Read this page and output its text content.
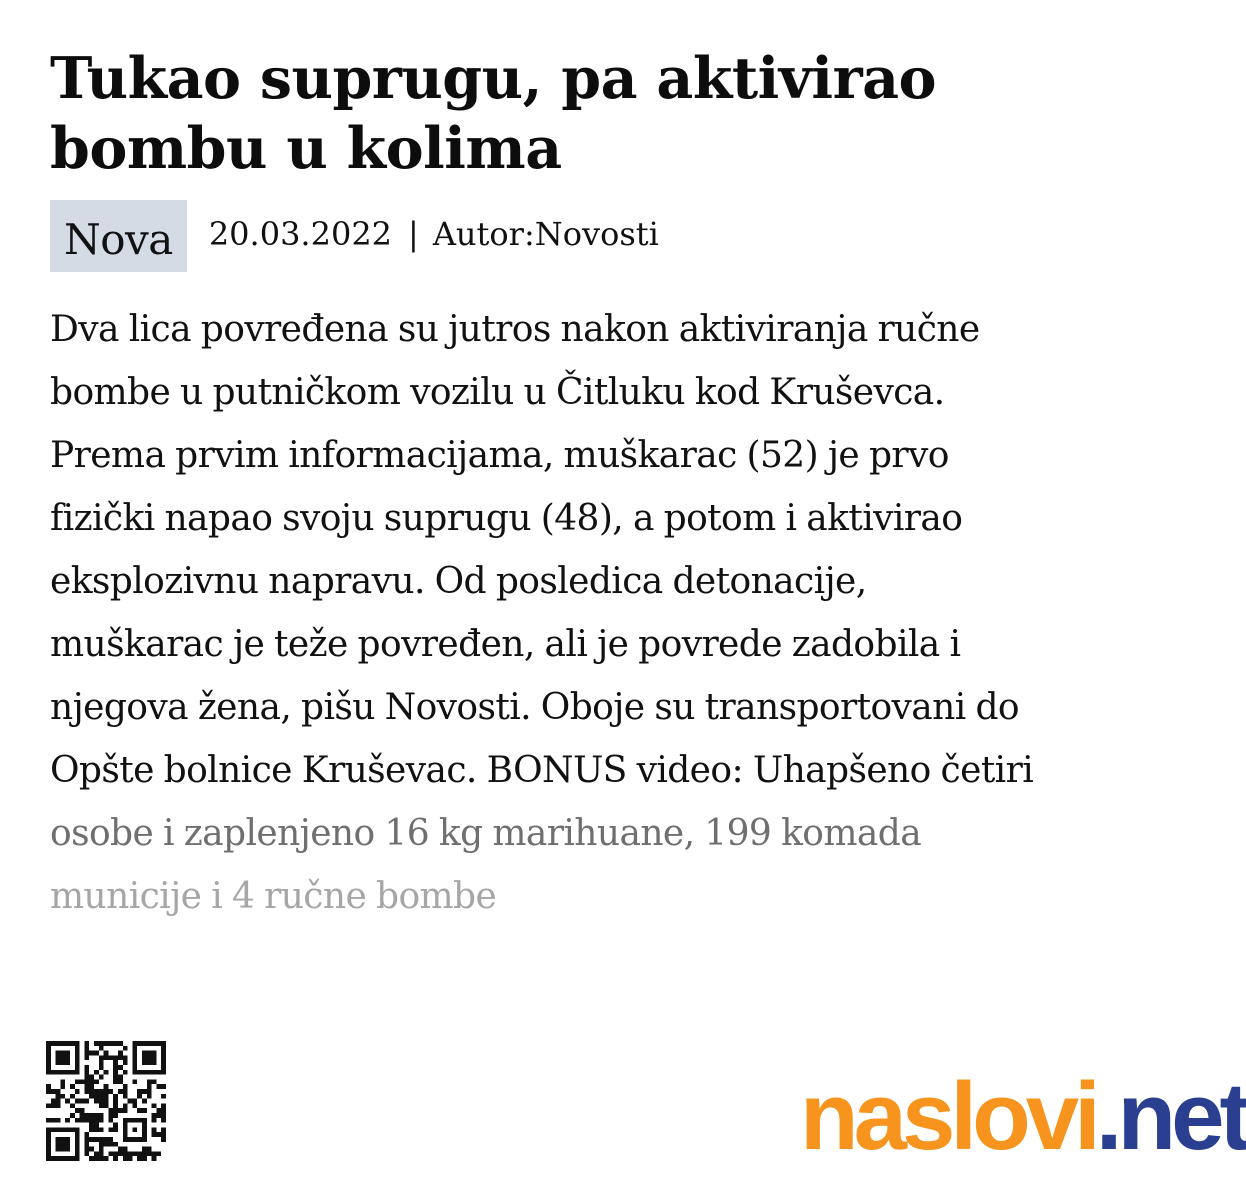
Tukao suprugu, pa aktivirao bombu u kolima
Nova	20.03.2022 | Autor:Novosti
Dva lica povređena su jutros nakon aktiviranja ručne
bombe u putničkom vozilu u Čitluku kod Kruševca.
Prema prvim informacijama, muškarac (52) je prvo
fizički napao svoju suprugu (48), a potom i aktivirao
eksplozivnu napravu. Od posledica detonacije,
muškarac je teže povređen, ali je povrede zadobila i
njegova žena, pišu Novosti. Oboje su transportovani do
Opšte bolnice Kruševac. BONUS video: Uhapšeno četiri
osobe i zaplenjeno 16 kg marihuane, 199 komada
municije i 4 ručne bombe
naslovi.net
